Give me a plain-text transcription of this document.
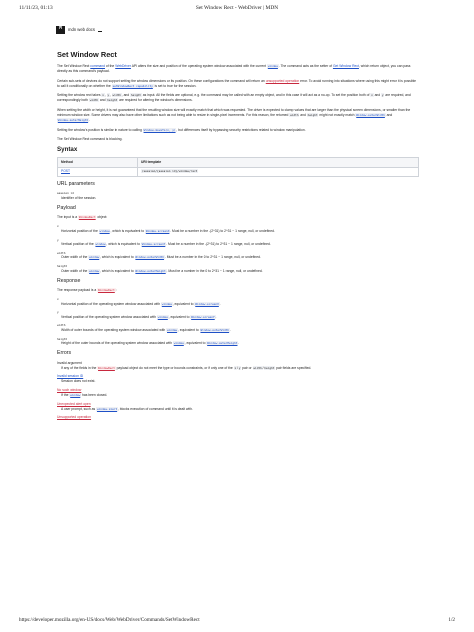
11/11/23, 01:13	Set Window Rect - WebDriver | MDN
M mdn web docs
Set Window Rect

The Set Window Rect command of the WebDriver API alters the size and position of the operating system window associated with the current window. The command acts as the setter of Get Window Rect, which return object, you can pass directly as this command's payload.

Certain sub-sets of devices do not support setting the window dimensions or its position. On these configurations the command will return an unsupported operation error. To avoid running into situations where using this might error it is possible to call it conditionally on whether the setWindowRect capability is set to true for the session.

Setting the window rect takes x, y, width, and height as input. All the fields are optional, e.g. the command may be called with an empty object, and in this case it will act as a no-op. To set the position both of x and y are required, and correspondingly both width and height are required for altering the window's dimensions.

When setting the width or height, it is not guaranteed that the resulting window size will exactly match that which was requested. The driver is expected to clamp values that are larger than the physical screen dimensions, or smaller than the minimum window size. Some drivers may also have other limitations such as not being able to resize in single-pixel increments. For this reason, the returned width and height might not exactly match Window.outerWidth and Window.outerHeight.

Setting the window's position is similar in nature to calling Window.moveTo(x, y), but differences itself by bypassing security restrictions related to window manipulation.

The Set Window Rect command is blocking.

Syntax
Method	URI template
POST	/session/{session id}/window/rect
URL parameters
session id
Identifier of the session.
Payload

The input is a WindowRect object:

x
Horizontal position of the window, which is equivalent to Window.screenX. Must be a number in the -(2^31) to 2^31 − 1 range, null, or undefined.
y
Vertical position of the window, which is equivalent to Window.screenY. Must be a number in the -(2^31) to 2^31 − 1 range, null, or undefined.
width
Outer width of the window, which is equivalent to Window.outerWidth. Must be a number in the 0 to 2^31 − 1 range, null, or undefined.
height
Outer width of the window, which is equivalent to Window.outerHeight. Must be a number in the 0 to 2^31 − 1 range, null, or undefined.
Response

The response payload is a WindowRect:

x
Horizontal position of the operating system window associated with window, equivalent to Window.screenX.
y
Vertical position of the operating system window associated with window, equivalent to Window.screenY.
width
Width of outer bounds of the operating system window associated with window, equivalent to Window.outerWidth.
height
Height of the outer bounds of the operating system window associated with window, equivalent to Window.outerHeight.
Errors
Invalid argument
If any of the fields in the WindowRect payload object do not meet the type or bounds constraints, or if only one of the x y pair or width height pair fields are specified.
Invalid session ID
Session does not exist.
No such window
If the window has been closed.
Unexpected alert open
A user prompt, such as window.alert, blocks execution of command until it is dealt with.
Unsupported operation
https://developer.mozilla.org/en-US/docs/Web/WebDriver/Commands/SetWindowRect	1/2
